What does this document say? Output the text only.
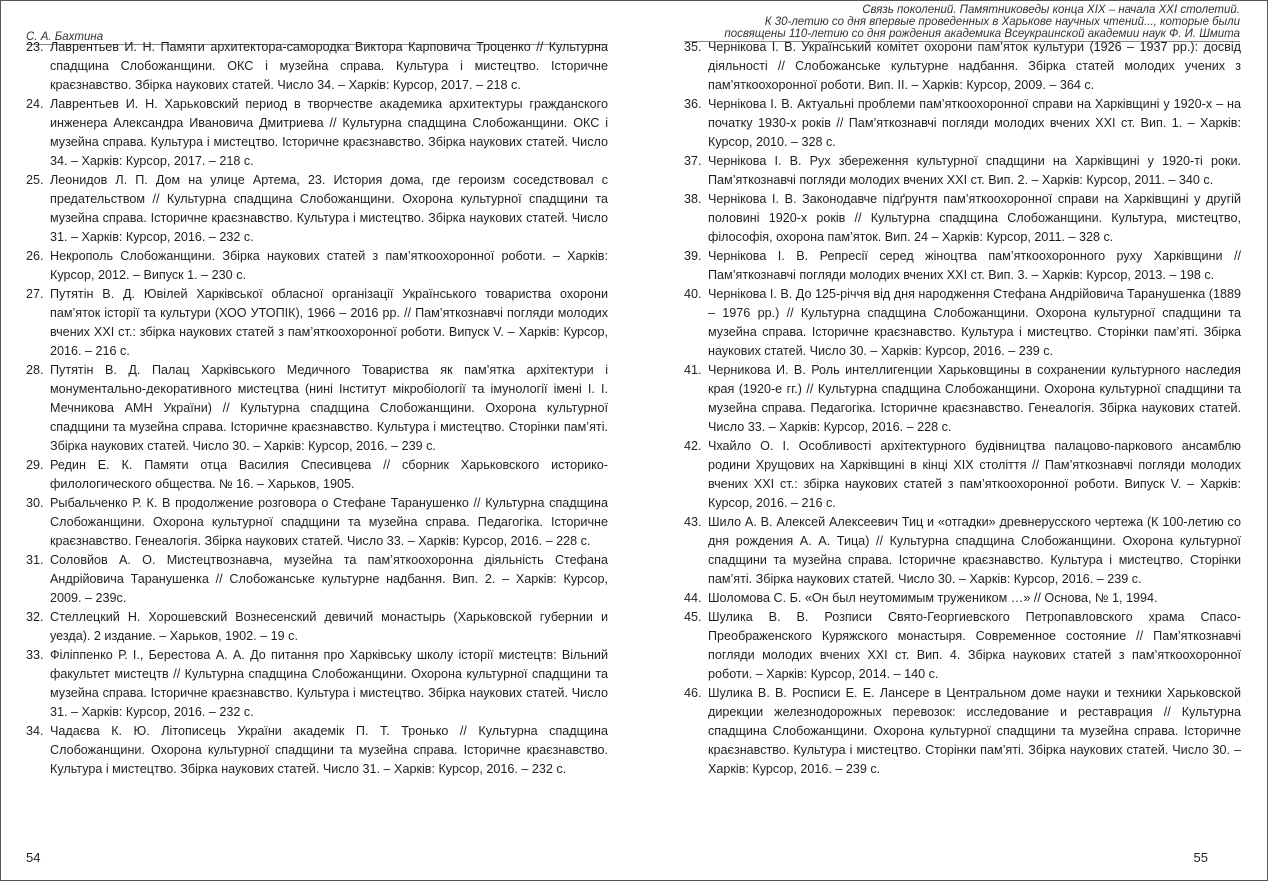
С. А. Бахтина
23. Лаврентьев И. Н. Памяти архитектора-самородка Виктора Карповича Троценко // Культурна спадщина Слобожанщини. ОКС і музейна справа. Культура і мистецтво. Історичне краєзнавство. Збірка наукових статей. Число 34. – Харків: Курсор, 2017. – 218 с.
24. Лаврентьев И. Н. Харьковский период в творчестве академика архитектуры гражданского инженера Александра Ивановича Дмитриева // Культурна спадщина Слобожанщини. ОКС і музейна справа. Культура і мистецтво. Історичне краєзнавство. Збірка наукових статей. Число 34. – Харків: Курсор, 2017. – 218 с.
25. Леонидов Л. П. Дом на улице Артема, 23. История дома, где героизм соседствовал с предательством // Культурна спадщина Слобожанщини. Охорона культурної спадщини та музейна справа. Історичне краєзнавство. Культура і мистецтво. Збірка наукових статей. Число 31. – Харків: Курсор, 2016. – 232 с.
26. Некрополь Слобожанщини. Збірка наукових статей з пам’яткоохоронної роботи. – Харків: Курсор, 2012. – Випуск 1. – 230 с.
27. Путятін В. Д. Ювілей Харківської обласної організації Українського товариства охорони пам’яток історії та культури (ХОО УТОПІК), 1966 – 2016 рр. // Пам’яткознавчі погляди молодих вчених XXI ст.: збірка наукових статей з пам’яткоохоронної роботи. Випуск V. – Харків: Курсор, 2016. – 216 с.
28. Путятін В. Д. Палац Харківського Медичного Товариства як пам’ятка архітектури і монументально-декоративного мистецтва (нині Інститут мікробіології та імунології імені І. І. Мечникова АМН України) // Культурна спадщина Слобожанщини. Охорона культурної спадщини та музейна справа. Історичне краєзнавство. Культура і мистецтво. Сторінки пам’яті. Збірка наукових статей. Число 30. – Харків: Курсор, 2016. – 239 с.
29. Редин Е. К. Памяти отца Василия Спесивцева // сборник Харьковского историко-филологического общества. № 16. – Харьков, 1905.
30. Рыбальченко Р. К. В продолжение розговора о Стефане Таранушенко // Культурна спадщина Слобожанщини. Охорона культурної спадщини та музейна справа. Педагогіка. Історичне краєзнавство. Генеалогія. Збірка наукових статей. Число 33. – Харків: Курсор, 2016. – 228 с.
31. Соловйов А. О. Мистецтвознавча, музейна та пам’яткоохоронна діяльність Стефана Андрійовича Таранушенка // Слобожанське культурне надбання. Вип. 2. – Харків: Курсор, 2009. – 239с.
32. Стеллецкий Н. Хорошевский Вознесенский девичий монастырь (Харьковской губернии и уезда). 2 издание. – Харьков, 1902. – 19 с.
33. Філіппенко Р. І., Берестова А. А. До питання про Харківську школу історії мистецтв: Вільний факультет мистецтв // Культурна спадщина Слобожанщини. Охорона культурної спадщини та музейна справа. Історичне краєзнавство. Культура і мистецтво. Збірка наукових статей. Число 31. – Харків: Курсор, 2016. – 232 с.
34. Чадаєва К. Ю. Літописець України академік П. Т. Тронько // Культурна спадщина Слобожанщини. Охорона культурної спадщини та музейна справа. Історичне краєзнавство. Культура і мистецтво. Збірка наукових статей. Число 31. – Харків: Курсор, 2016. – 232 с.
54
Связь поколений. Памятниковеды конца XIX – начала XXI столетий.
К 30-летию со дня впервые проведенных в Харькове научных чтений..., которые были
посвящены 110-летию со дня рождения академика Всеукраинской академии наук Ф. И. Шмита
35. Чернікова І. В. Український комітет охорони пам’яток культури (1926 – 1937 рр.): досвід діяльності // Слобожанське культурне надбання. Збірка статей молодих учених з пам’яткоохоронної роботи. Вип. II. – Харків: Курсор, 2009. – 364 с.
36. Чернікова І. В. Актуальні проблеми пам’яткоохоронної справи на Харківщині у 1920-х – на початку 1930-х років // Пам’яткознавчі погляди молодих вчених XXI ст. Вип. 1. – Харків: Курсор, 2010. – 328 с.
37. Чернікова І. В. Рух збереження культурної спадщини на Харківщині у 1920-ті роки. Пам’яткознавчі погляди молодих вчених XXI ст. Вип. 2. – Харків: Курсор, 2011. – 340 с.
38. Чернікова І. В. Законодавче підґрунтя пам’яткоохоронної справи на Харківщині у другій половині 1920-х років // Культурна спадщина Слобожанщини. Культура, мистецтво, філософія, охорона пам’яток. Вип. 24 – Харків: Курсор, 2011. – 328 с.
39. Чернікова І. В. Репресії серед жіноцтва пам’яткоохоронного руху Харківщини // Пам’яткознавчі погляди молодих вчених XXI ст. Вип. 3. – Харків: Курсор, 2013. – 198 с.
40. Чернікова І. В. До 125-річчя від дня народження Стефана Андрійовича Таранушенка (1889 – 1976 рр.) // Культурна спадщина Слобожанщини. Охорона культурної спадщини та музейна справа. Історичне краєзнавство. Культура і мистецтво. Сторінки пам’яті. Збірка наукових статей. Число 30. – Харків: Курсор, 2016. – 239 с.
41. Черникова И. В. Роль интеллигенции Харьковщины в сохранении культурного наследия края (1920-е гг.) // Культурна спадщина Слобожанщини. Охорона культурної спадщини та музейна справа. Педагогіка. Історичне краєзнавство. Генеалогія. Збірка наукових статей. Число 33. – Харків: Курсор, 2016. – 228 с.
42. Чхайло О. І. Особливості архітектурного будівництва палацово-паркового ансамблю родини Хрущових на Харківщині в кінці XIX століття // Пам’яткознавчі погляди молодих вчених XXI ст.: збірка наукових статей з пам’яткоохоронної роботи. Випуск V. – Харків: Курсор, 2016. – 216 с.
43. Шило А. В. Алексей Алексеевич Тиц и «отгадки» древнерусского чертежа (К 100-летию со дня рождения А. А. Тица) // Культурна спадщина Слобожанщини. Охорона культурної спадщини та музейна справа. Історичне краєзнавство. Культура і мистецтво. Сторінки пам’яті. Збірка наукових статей. Число 30. – Харків: Курсор, 2016. – 239 с.
44. Шоломова С. Б. «Он был неутомимым тружеником …» // Основа, № 1, 1994.
45. Шулика В. В. Розписи Свято-Георгиевского Петропавловского храма Спасо-Преображенского Куряжского монастыря. Современное состояние // Пам’яткознавчі погляди молодих вчених XXI ст. Вип. 4. Збірка наукових статей з пам’яткоохоронної роботи. – Харків: Курсор, 2014. – 140 с.
46. Шулика В. В. Росписи Е. Е. Лансере в Центральном доме науки и техники Харьковской дирекции железнодорожных перевозок: исследование и реставрация // Культурна спадщина Слобожанщини. Охорона культурної спадщини та музейна справа. Історичне краєзнавство. Культура і мистецтво. Сторінки пам’яті. Збірка наукових статей. Число 30. – Харків: Курсор, 2016. – 239 с.
55
